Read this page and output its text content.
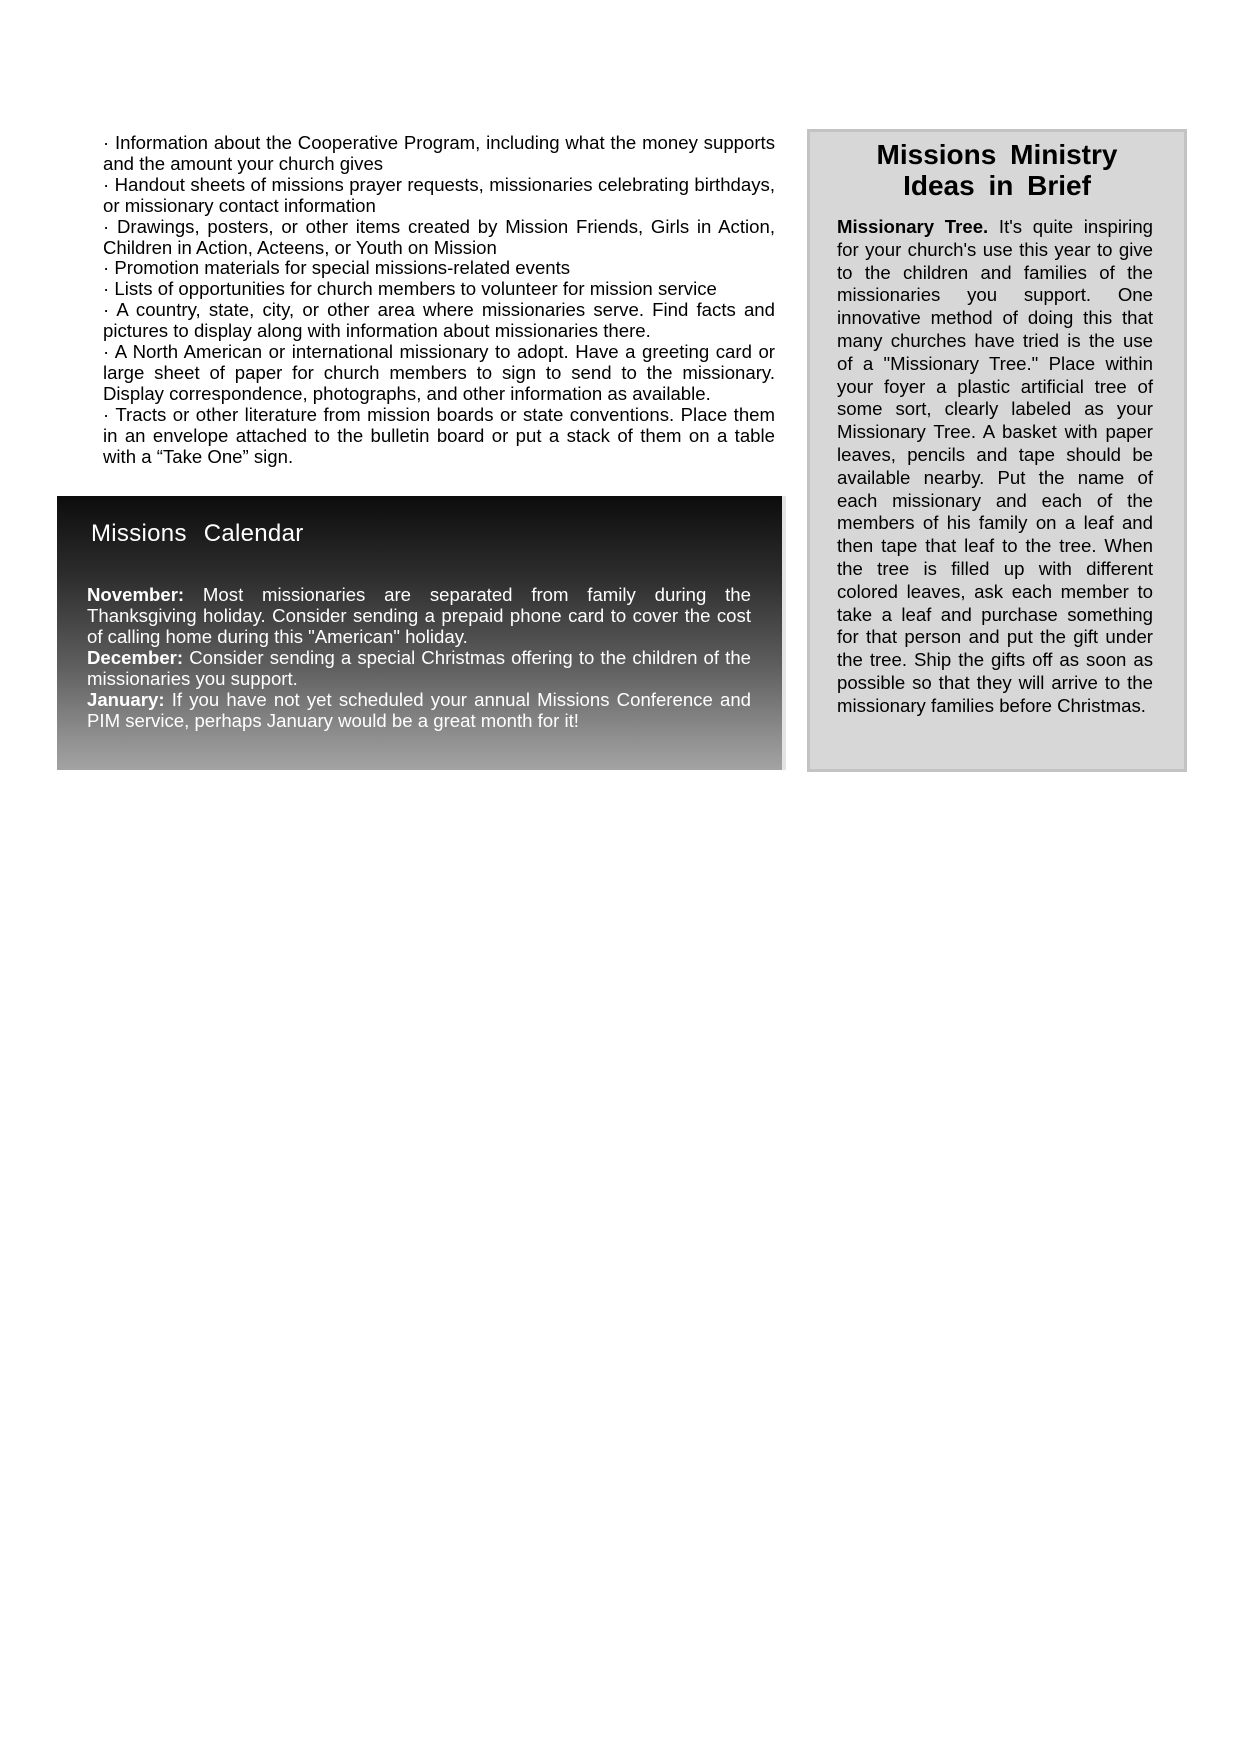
· Information about the Cooperative Program, including what the money supports and the amount your church gives

· Handout sheets of missions prayer requests, missionaries celebrating birthdays, or missionary contact information

· Drawings, posters, or other items created by Mission Friends, Girls in Action, Children in Action, Acteens, or Youth on Mission

· Promotion materials for special missions-related events

· Lists of opportunities for church members to volunteer for mission service

· A country, state, city, or other area where missionaries serve. Find facts and pictures to display along with information about missionaries there.

· A North American or international missionary to adopt. Have a greeting card or large sheet of paper for church members to sign to send to the missionary. Display correspondence, photographs, and other information as available.

· Tracts or other literature from mission boards or state conventions. Place them in an envelope attached to the bulletin board or put a stack of them on a table with a “Take One” sign.

Missions Calendar

November: Most missionaries are separated from family during the Thanksgiving holiday. Consider sending a prepaid phone card to cover the cost of calling home during this "American" holiday.

December: Consider sending a special Christmas offering to the children of the missionaries you support.

January: If you have not yet scheduled your annual Missions Conference and PIM service, perhaps January would be a great month for it!

Missions Ministry
Ideas in Brief

Missionary Tree. It's quite inspiring for your church's use this year to give to the children and families of the missionaries you support. One innovative method of doing this that many churches have tried is the use of a "Missionary Tree." Place within your foyer a plastic artificial tree of some sort, clearly labeled as your Missionary Tree. A basket with paper leaves, pencils and tape should be available nearby. Put the name of each missionary and each of the members of his family on a leaf and then tape that leaf to the tree. When the tree is filled up with different colored leaves, ask each member to take a leaf and purchase something for that person and put the gift under the tree. Ship the gifts off as soon as possible so that they will arrive to the missionary families before Christmas.
